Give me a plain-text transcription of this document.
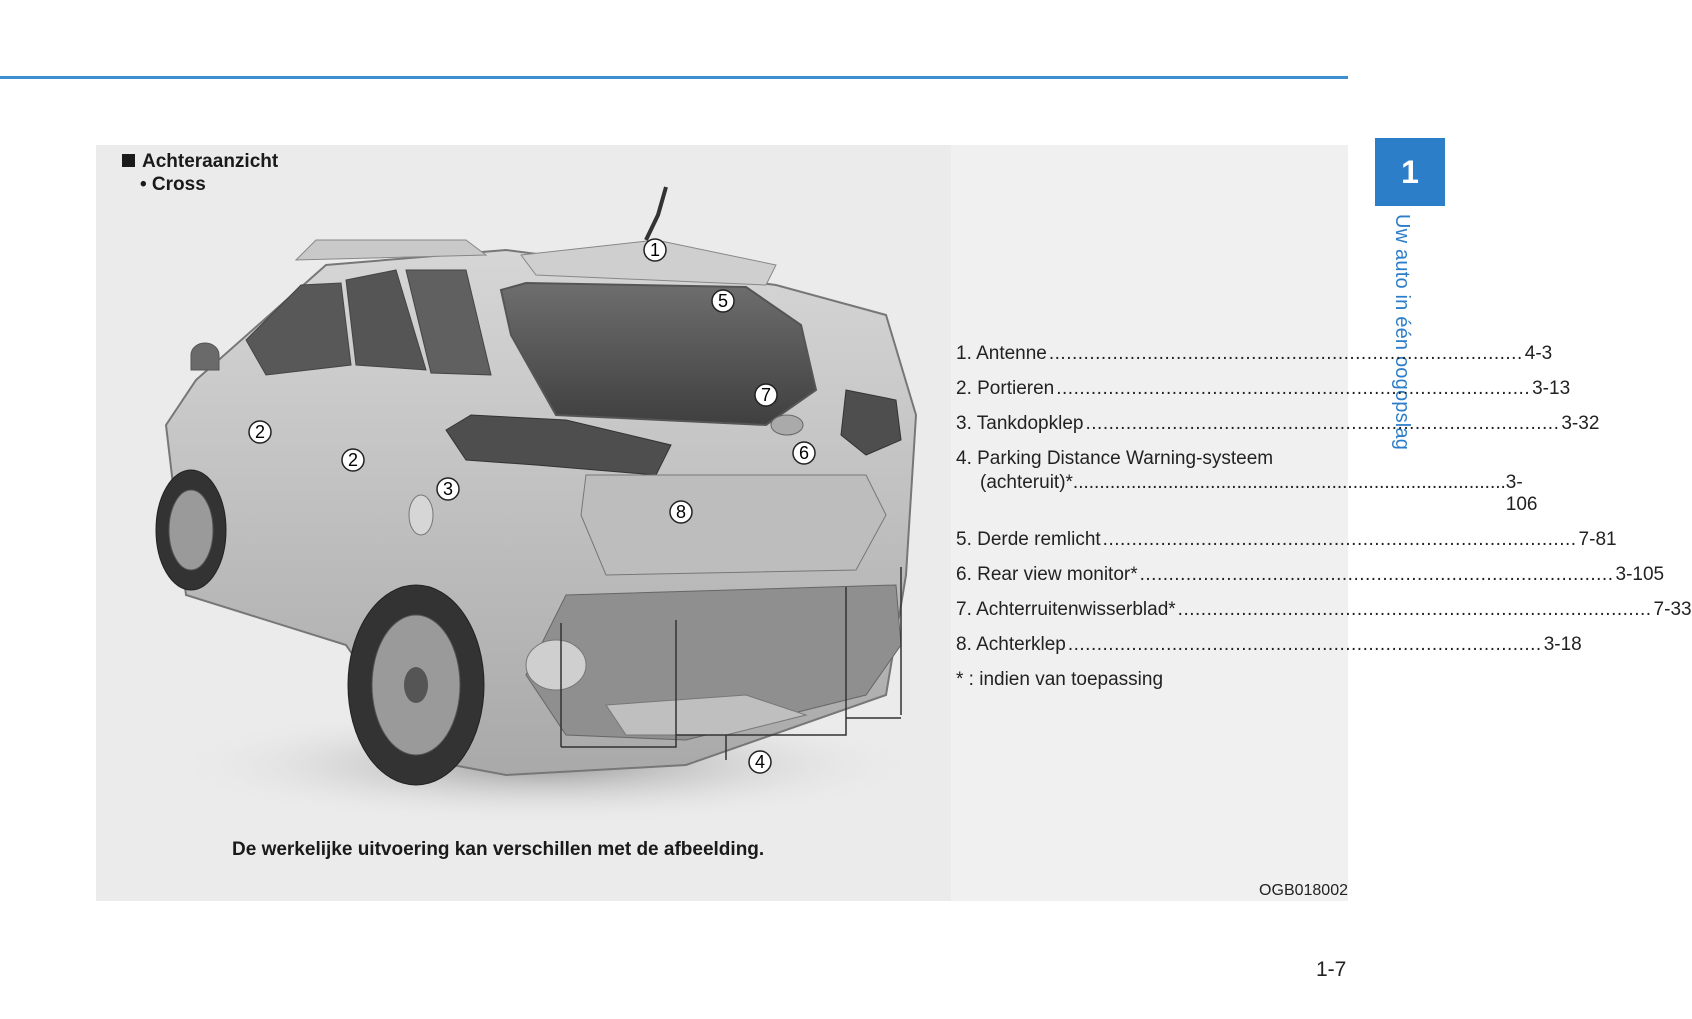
1
Uw auto in één oogopslag
Achteraanzicht
• Cross
1
2
2
3
4
5
6
7
8
1. Antenne .................................................................................. 4-3
2. Portieren .................................................................................. 3-13
3. Tankdopklep .................................................................................. 3-32
4. Parking Distance Warning-systeem
(achteruit)* .................................................................................. 3-106
5. Derde remlicht .................................................................................. 7-81
6. Rear view monitor* .................................................................................. 3-105
7. Achterruitenwisserblad* .................................................................................. 7-33
8. Achterklep .................................................................................. 3-18
* : indien van toepassing
De werkelijke uitvoering kan verschillen met de afbeelding.
OGB018002
1-7
